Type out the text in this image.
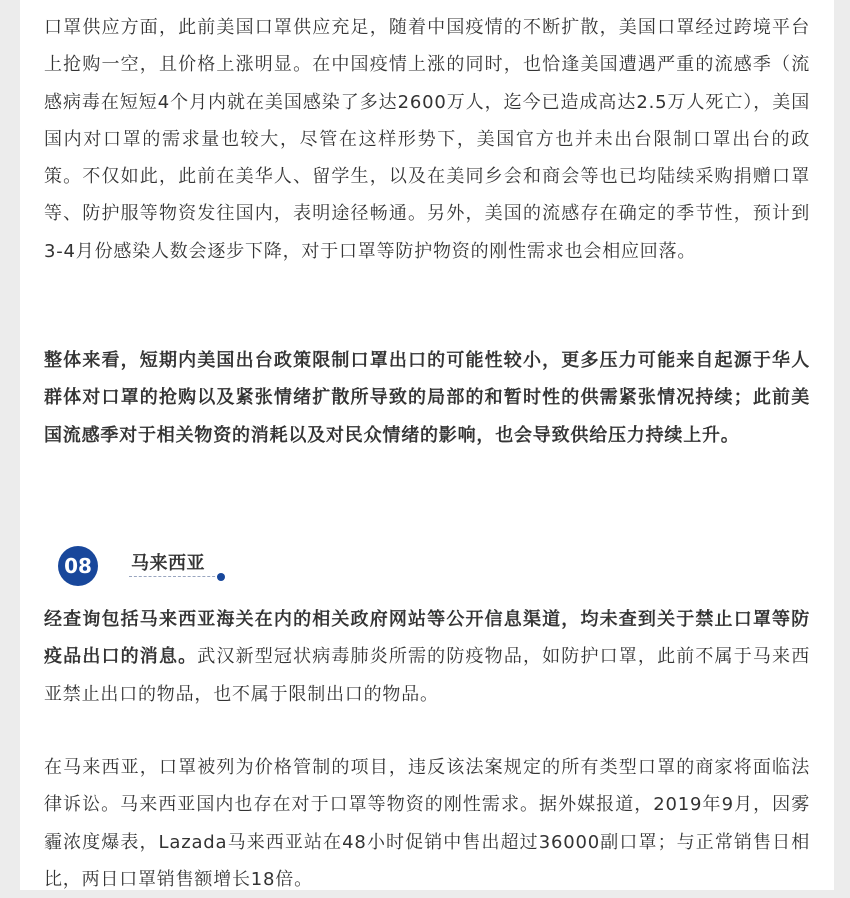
口罩供应方面，此前美国口罩供应充足，随着中国疫情的不断扩散，美国口罩经过跨境平台上抢购一空，且价格上涨明显。在中国疫情上涨的同时，也恰逢美国遭遇严重的流感季（流感病毒在短短4个月内就在美国感染了多达2600万人，迄今已造成高达2.5万人死亡），美国国内对口罩的需求量也较大，尽管在这样形势下，美国官方也并未出台限制口罩出台的政策。不仅如此，此前在美华人、留学生，以及在美同乡会和商会等也已均陆续采购捐赠口罩等、防护服等物资发往国内，表明途径畅通。另外，美国的流感存在确定的季节性，预计到3-4月份感染人数会逐步下降，对于口罩等防护物资的刚性需求也会相应回落。

整体来看，短期内美国出台政策限制口罩出口的可能性较小，更多压力可能来自起源于华人群体对口罩的抢购以及紧张情绪扩散所导致的局部的和暂时性的供需紧张情况持续；此前美国流感季对于相关物资的消耗以及对民众情绪的影响，也会导致供给压力持续上升。

08	马来西亚

经查询包括马来西亚海关在内的相关政府网站等公开信息渠道，均未查到关于禁止口罩等防疫品出口的消息。武汉新型冠状病毒肺炎所需的防疫物品，如防护口罩，此前不属于马来西亚禁止出口的物品，也不属于限制出口的物品。

在马来西亚，口罩被列为价格管制的项目，违反该法案规定的所有类型口罩的商家将面临法律诉讼。马来西亚国内也存在对于口罩等物资的刚性需求。据外媒报道，2019年9月，因雾霾浓度爆表，Lazada马来西亚站在48小时促销中售出超过36000副口罩；与正常销售日相比，两日口罩销售额增长18倍。
